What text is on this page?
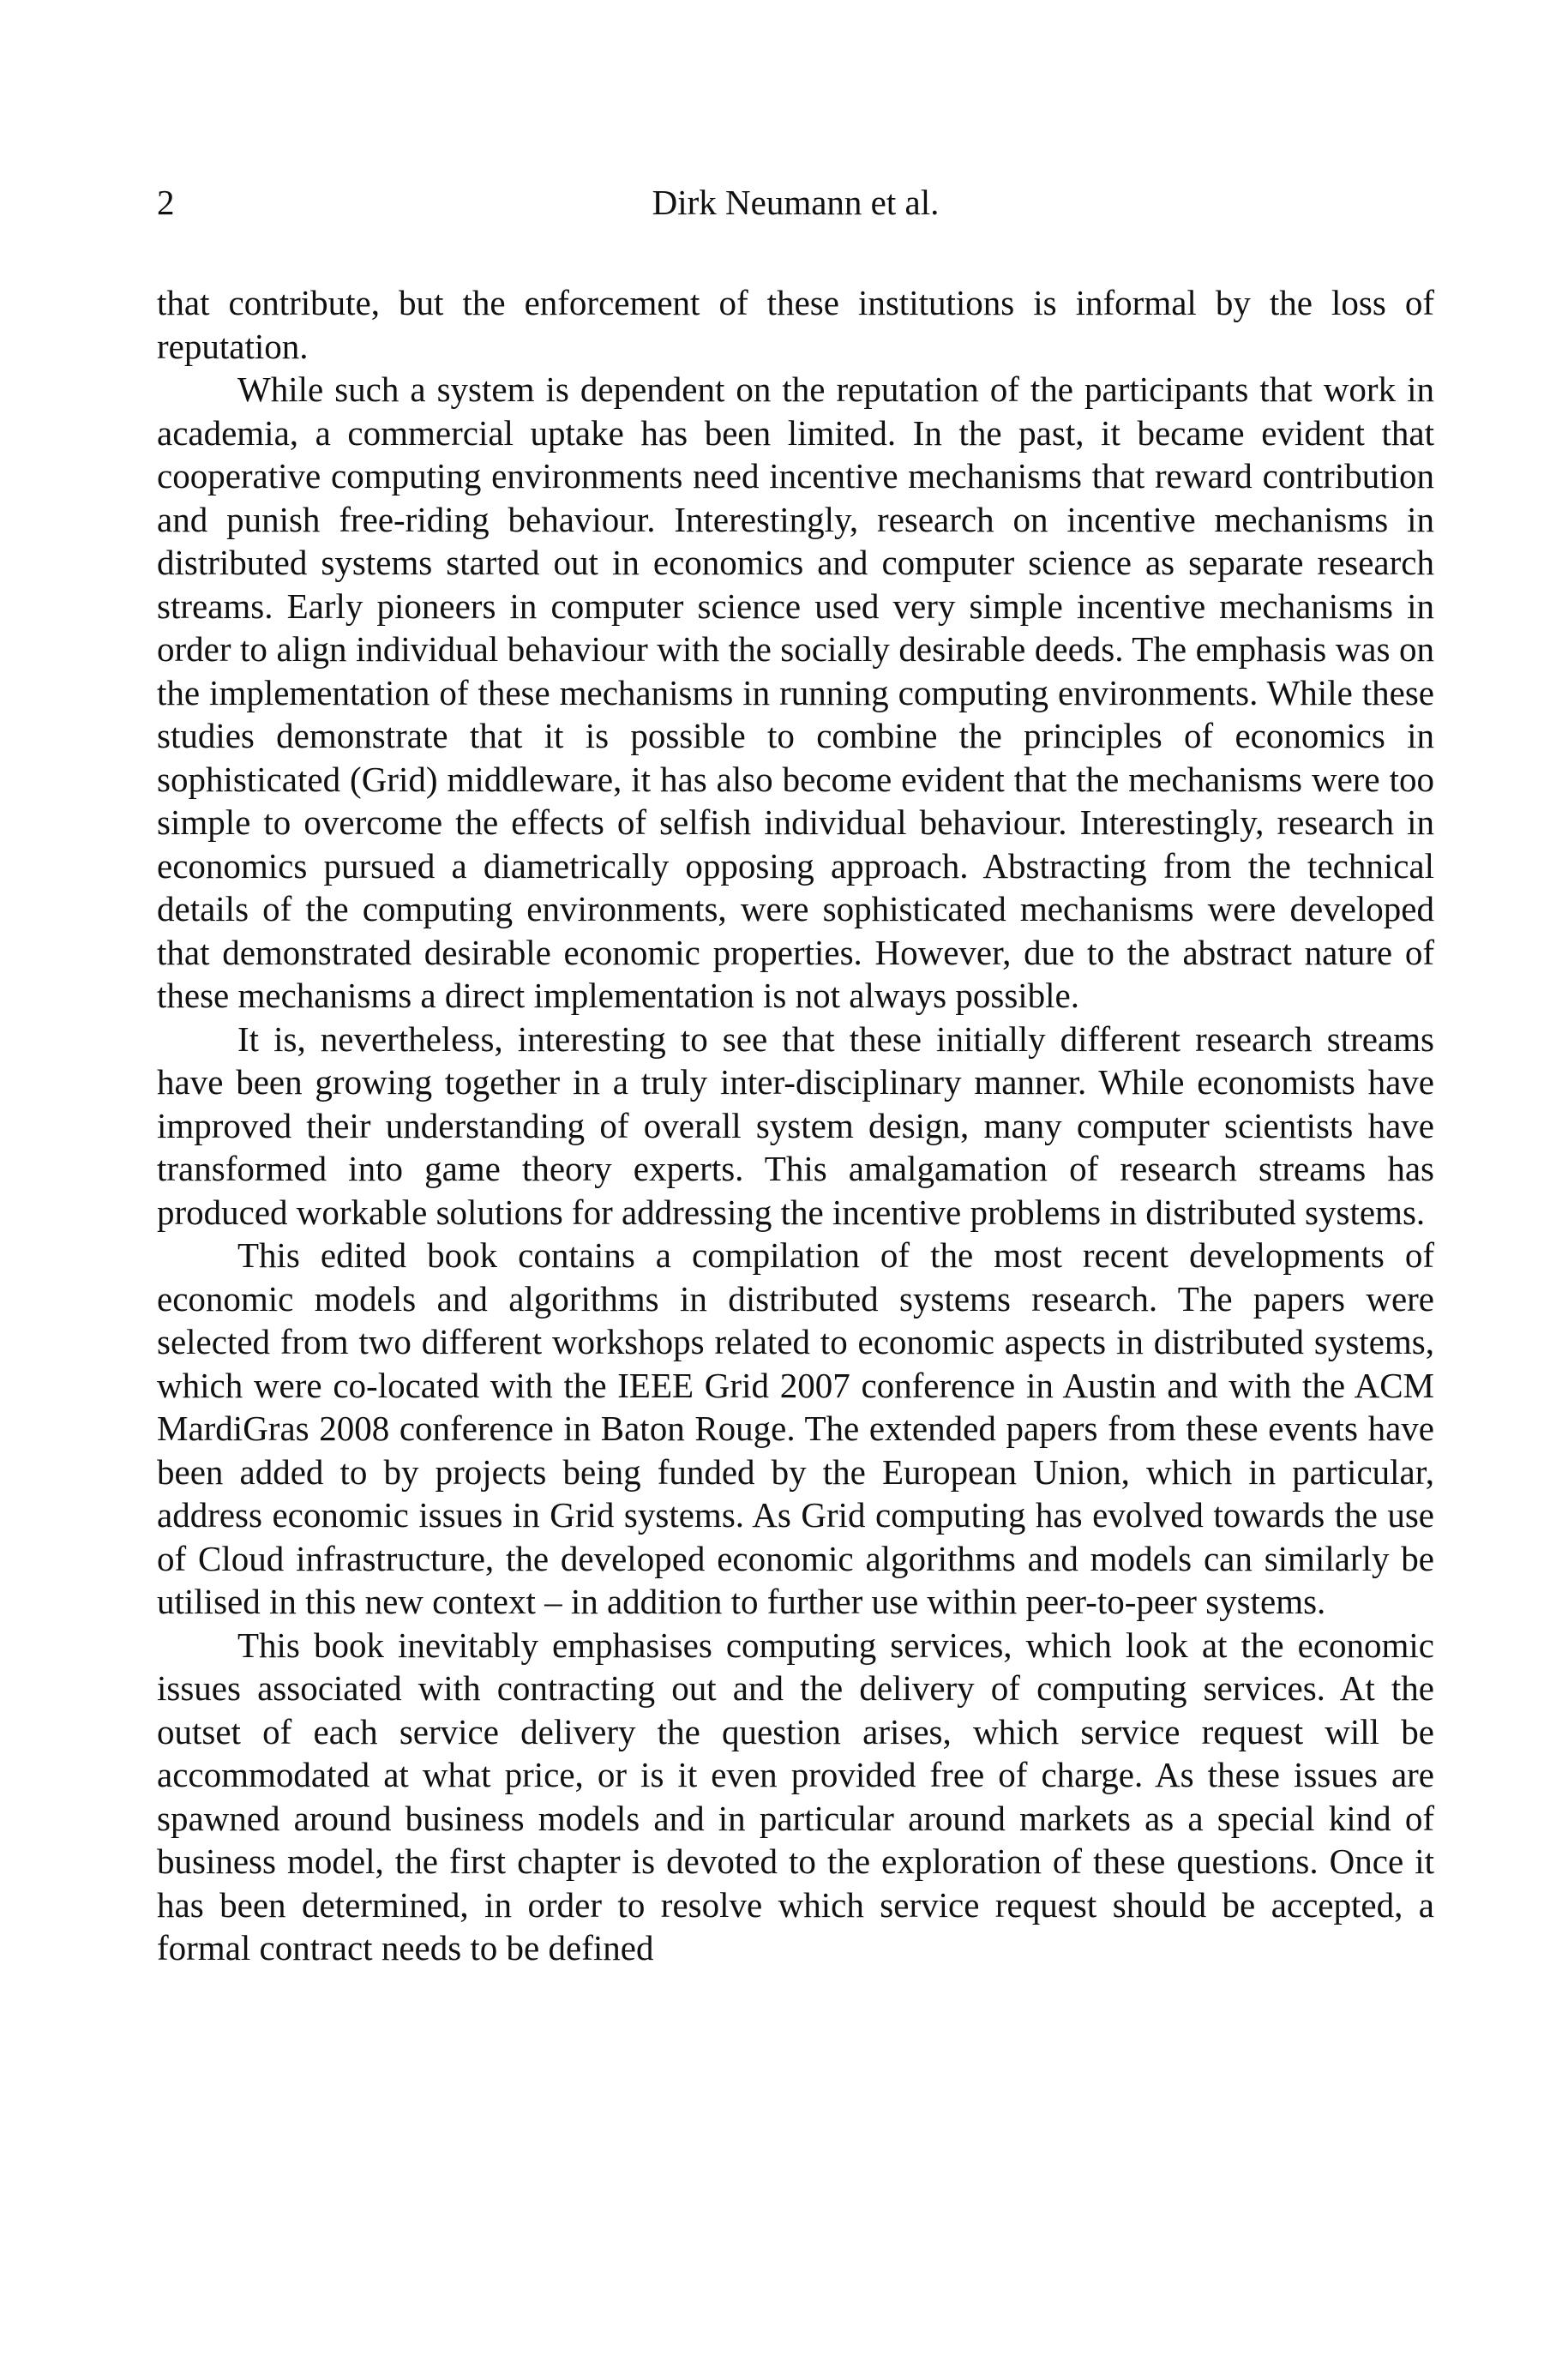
2	Dirk Neumann et al.

that contribute, but the enforcement of these institutions is informal by the loss of reputation.

While such a system is dependent on the reputation of the participants that work in academia, a commercial uptake has been limited. In the past, it became evident that cooperative computing environments need incentive mechanisms that reward contribution and punish free-riding behaviour. Interestingly, research on incentive mechanisms in distributed systems started out in economics and computer science as separate research streams. Early pioneers in computer science used very simple incentive mechanisms in order to align individual behaviour with the socially desirable deeds. The emphasis was on the implementation of these mechanisms in running computing environments. While these studies demonstrate that it is possible to combine the principles of economics in sophisticated (Grid) middleware, it has also become evident that the mechanisms were too simple to overcome the effects of selfish individual behaviour. Interestingly, research in economics pursued a diametrically opposing approach. Abstracting from the technical details of the computing environments, were sophisticated mechanisms were developed that demonstrated desirable economic properties. However, due to the abstract nature of these mechanisms a direct implementation is not always possible.

It is, nevertheless, interesting to see that these initially different research streams have been growing together in a truly inter-disciplinary manner. While economists have improved their understanding of overall system design, many computer scientists have transformed into game theory experts. This amalgamation of research streams has produced workable solutions for addressing the incentive problems in distributed systems.

This edited book contains a compilation of the most recent developments of economic models and algorithms in distributed systems research. The papers were selected from two different workshops related to economic aspects in distributed systems, which were co-located with the IEEE Grid 2007 conference in Austin and with the ACM MardiGras 2008 conference in Baton Rouge. The extended papers from these events have been added to by projects being funded by the European Union, which in particular, address economic issues in Grid systems. As Grid computing has evolved towards the use of Cloud infrastructure, the developed economic algorithms and models can similarly be utilised in this new context – in addition to further use within peer-to-peer systems.

This book inevitably emphasises computing services, which look at the economic issues associated with contracting out and the delivery of computing services. At the outset of each service delivery the question arises, which service request will be accommodated at what price, or is it even provided free of charge. As these issues are spawned around business models and in particular around markets as a special kind of business model, the first chapter is devoted to the exploration of these questions. Once it has been determined, in order to resolve which service request should be accepted, a formal contract needs to be defined
